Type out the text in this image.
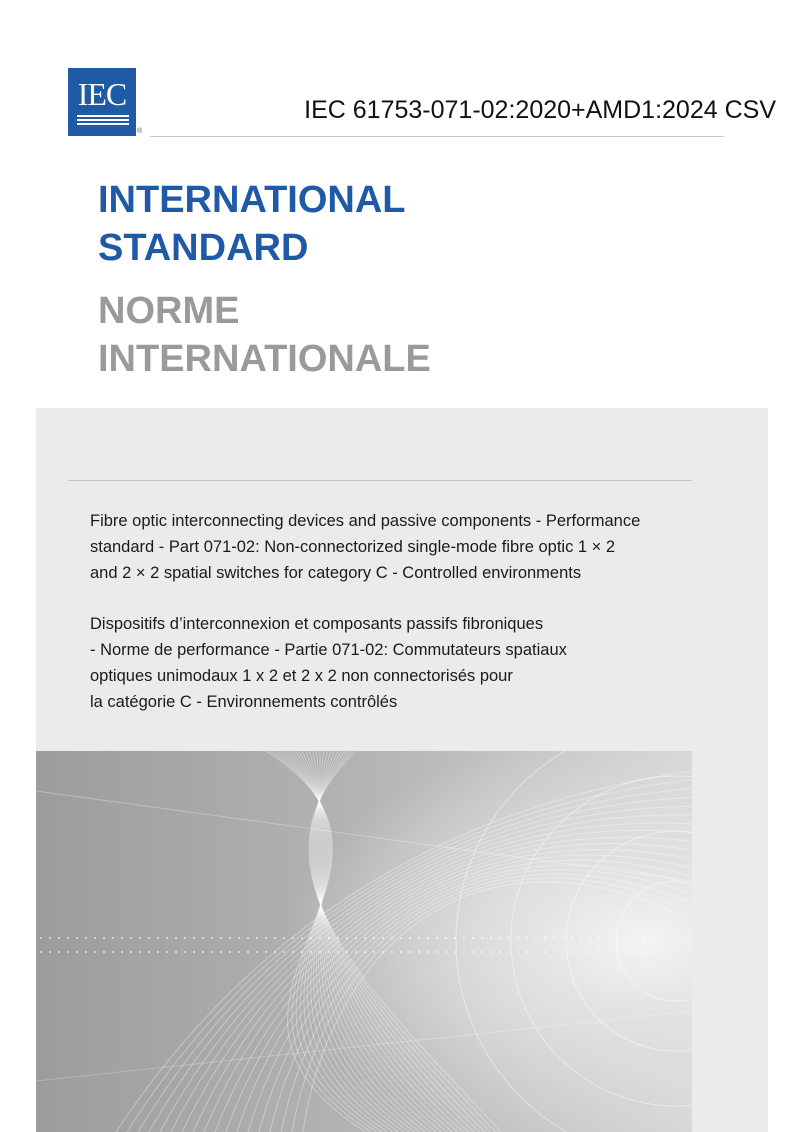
IEC
®
IEC 61753-071-02:2020+AMD1:2024 CSV
INTERNATIONAL
STANDARD
NORME
INTERNATIONALE

Fibre optic interconnecting devices and passive components - Performance
standard - Part 071-02: Non-connectorized single-mode fibre optic 1 × 2
and 2 × 2 spatial switches for category C - Controlled environments

Dispositifs d’interconnexion et composants passifs fibroniques
- Norme de performance - Partie 071-02: Commutateurs spatiaux
optiques unimodaux 1 x 2 et 2 x 2 non connectorisés pour
la catégorie C - Environnements contrôlés
